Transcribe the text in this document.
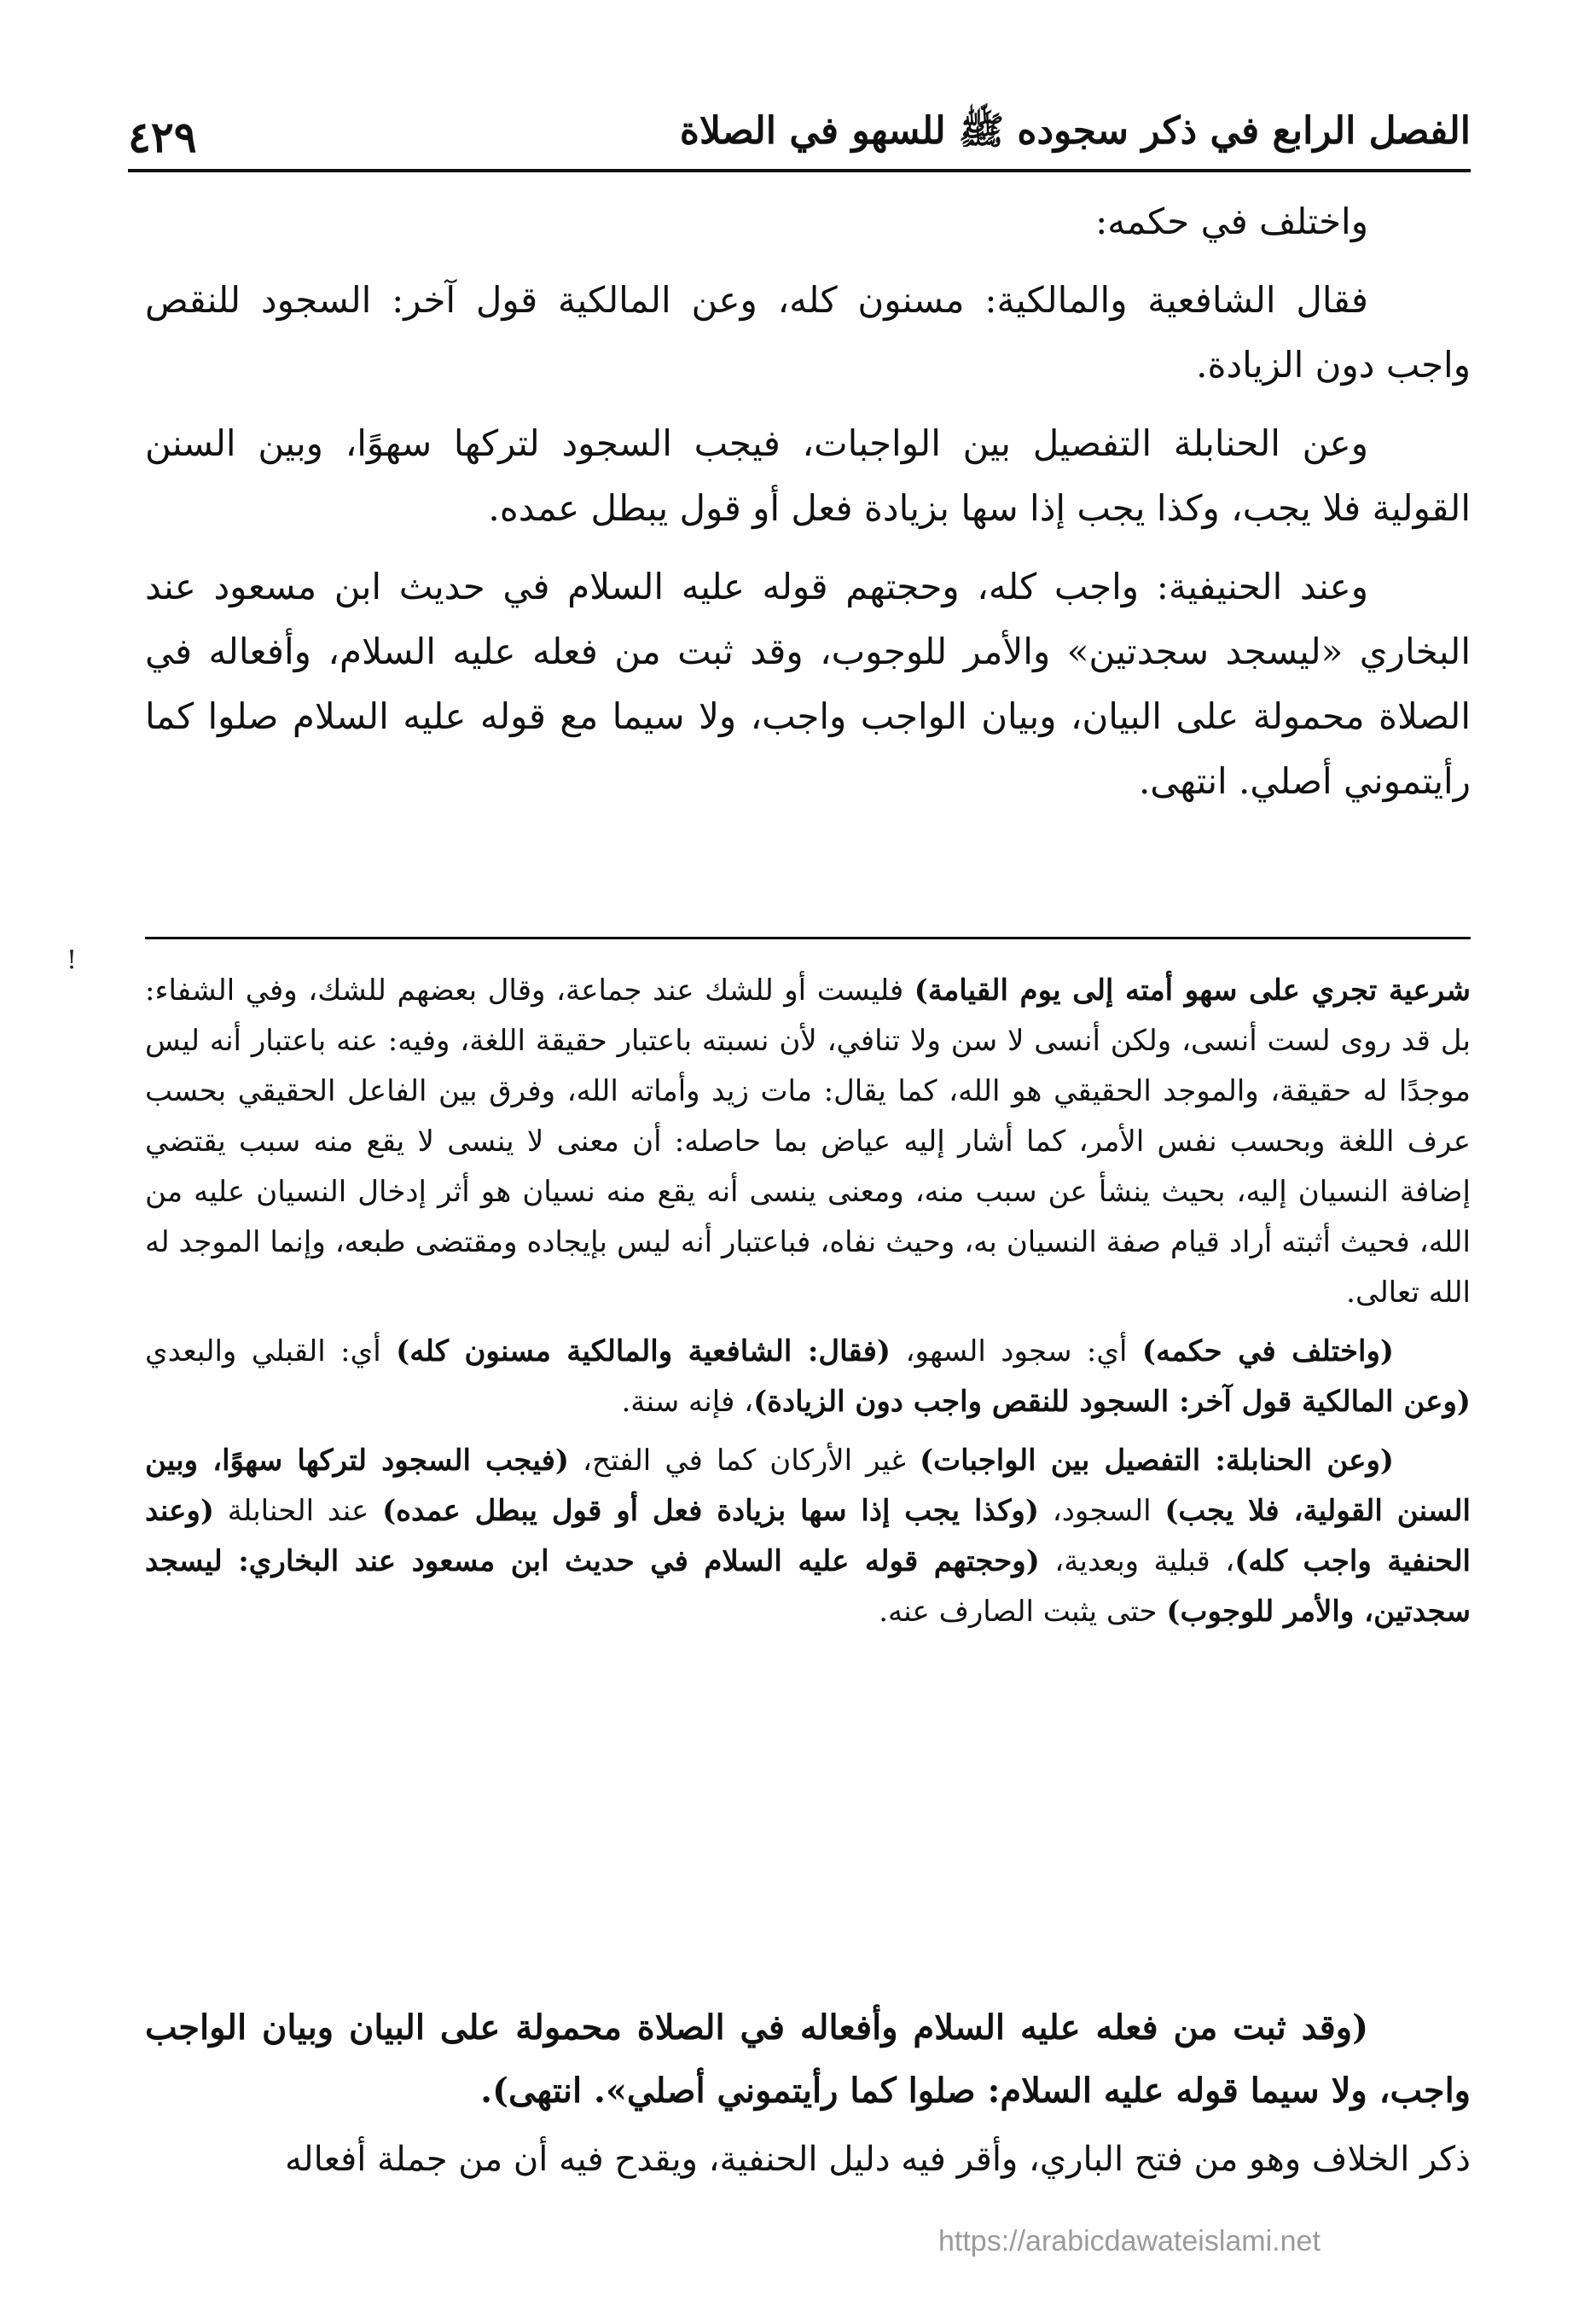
الفصل الرابع في ذكر سجوده ﷺ للسهو في الصلاة
٤٢٩

واختلف في حكمه:

فقال الشافعية والمالكية: مسنون كله، وعن المالكية قول آخر: السجود للنقص واجب دون الزيادة.

وعن الحنابلة التفصيل بين الواجبات، فيجب السجود لتركها سهوًا، وبين السنن القولية فلا يجب، وكذا يجب إذا سها بزيادة فعل أو قول يبطل عمده.

وعند الحنيفية: واجب كله، وحجتهم قوله عليه السلام في حديث ابن مسعود عند البخاري «ليسجد سجدتين» والأمر للوجوب، وقد ثبت من فعله عليه السلام، وأفعاله في الصلاة محمولة على البيان، وبيان الواجب واجب، ولا سيما مع قوله عليه السلام صلوا كما رأيتموني أصلي. انتهى.

!

شرعية تجري على سهو أمته إلى يوم القيامة) فليست أو للشك عند جماعة، وقال بعضهم للشك، وفي الشفاء: بل قد روى لست أنسى، ولكن أنسى لا سن ولا تنافي، لأن نسبته باعتبار حقيقة اللغة، وفيه: عنه باعتبار أنه ليس موجدًا له حقيقة، والموجد الحقيقي هو الله، كما يقال: مات زيد وأماته الله، وفرق بين الفاعل الحقيقي بحسب عرف اللغة وبحسب نفس الأمر، كما أشار إليه عياض بما حاصله: أن معنى لا ينسى لا يقع منه سبب يقتضي إضافة النسيان إليه، بحيث ينشأ عن سبب منه، ومعنى ينسى أنه يقع منه نسيان هو أثر إدخال النسيان عليه من الله، فحيث أثبته أراد قيام صفة النسيان به، وحيث نفاه، فباعتبار أنه ليس بإيجاده ومقتضى طبعه، وإنما الموجد له الله تعالى.

(واختلف في حكمه) أي: سجود السهو، (فقال: الشافعية والمالكية مسنون كله) أي: القبلي والبعدي (وعن المالكية قول آخر: السجود للنقص واجب دون الزيادة)، فإنه سنة.

(وعن الحنابلة: التفصيل بين الواجبات) غير الأركان كما في الفتح، (فيجب السجود لتركها سهوًا، وبين السنن القولية، فلا يجب) السجود، (وكذا يجب إذا سها بزيادة فعل أو قول يبطل عمده) عند الحنابلة (وعند الحنفية واجب كله)، قبلية وبعدية، (وحجتهم قوله عليه السلام في حديث ابن مسعود عند البخاري: ليسجد سجدتين، والأمر للوجوب) حتى يثبت الصارف عنه.

(وقد ثبت من فعله عليه السلام وأفعاله في الصلاة محمولة على البيان وبيان الواجب واجب، ولا سيما قوله عليه السلام: صلوا كما رأيتموني أصلي». انتهى).

ذكر الخلاف وهو من فتح الباري، وأقر فيه دليل الحنفية، ويقدح فيه أن من جملة أفعاله

https://arabicdawateislami.net
